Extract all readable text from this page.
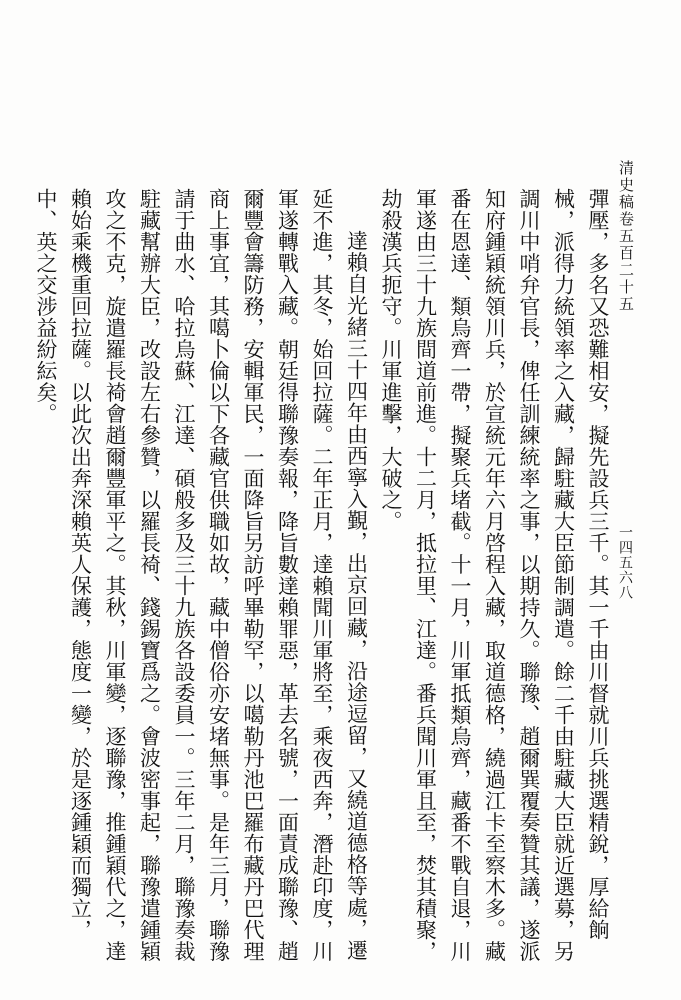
清史稿卷五百二十五
一四五六八

彈壓，多名又恐難相安，擬先設兵三千。其一千由川督就川兵挑選精銳，厚給餉械，派得力統領率之入藏，歸駐藏大臣節制調遣。餘二千由駐藏大臣就近選募，另調川中哨弁官長，俾任訓練統率之事，以期持久。聯豫、趙爾巽覆奏贊其議，遂派知府鍾穎統領川兵，於宣統元年六月啓程入藏，取道德格，繞過江卡至察木多。藏番在恩達、類烏齊一帶，擬聚兵堵截。十一月，川軍抵類烏齊，藏番不戰自退，川軍遂由三十九族間道前進。十二月，抵拉里、江達。番兵聞川軍且至，焚其積聚，劫殺漢兵扼守。川軍進擊，大破之。

達賴自光緒三十四年由西寧入覲，出京回藏，沿途逗留，又繞道德格等處，遷延不進，其冬，始回拉薩。二年正月，達賴聞川軍將至，乘夜西奔，潛赴印度，川軍遂轉戰入藏。朝廷得聯豫奏報，降旨數達賴罪惡，革去名號，一面責成聯豫、趙爾豐會籌防務，安輯軍民，一面降旨另訪呼畢勒罕，以噶勒丹池巴羅布藏丹巴代理商上事宜，其噶卜倫以下各藏官供職如故，藏中僧俗亦安堵無事。是年三月，聯豫請于曲水、哈拉烏蘇、江達、碩般多及三十九族各設委員一。三年二月，聯豫奏裁駐藏幫辦大臣，改設左右參贊，以羅長裿、錢錫寶爲之。會波密事起，聯豫遣鍾穎攻之不克，旋遣羅長裿會趙爾豐軍平之。其秋，川軍變，逐聯豫，推鍾穎代之，達賴始乘機重回拉薩。以此次出奔深賴英人保護，態度一變，於是逐鍾穎而獨立，中、英之交涉益紛紜矣。
